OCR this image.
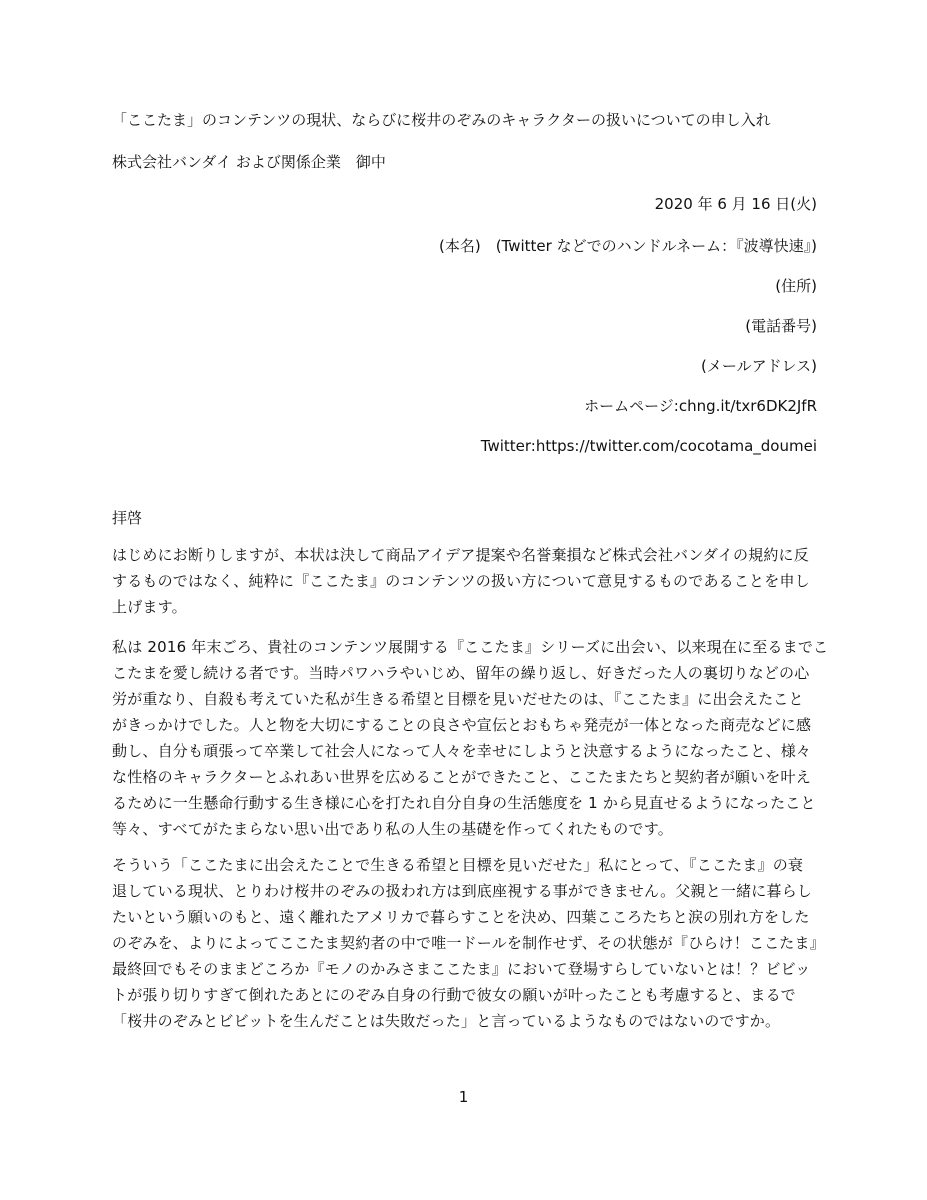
「ここたま」のコンテンツの現状、ならびに桜井のぞみのキャラクターの扱いについての申し入れ
株式会社バンダイ および関係企業　御中
2020 年 6 月 16 日(火)
(本名)　(Twitter などでのハンドルネーム：『波導快速』)
(住所)
(電話番号)
(メールアドレス)
ホームページ:chng.it/txr6DK2JfR
Twitter:https://twitter.com/cocotama_doumei
拝啓
はじめにお断りしますが、本状は決して商品アイデア提案や名誉棄損など株式会社バンダイの規約に反
するものではなく、純粋に『ここたま』のコンテンツの扱い方について意見するものであることを申し
上げます。
私は 2016 年末ごろ、貴社のコンテンツ展開する『ここたま』シリーズに出会い、以来現在に至るまでこ
こたまを愛し続ける者です。当時パワハラやいじめ、留年の繰り返し、好きだった人の裏切りなどの心
労が重なり、自殺も考えていた私が生きる希望と目標を見いだせたのは、『ここたま』に出会えたこと
がきっかけでした。人と物を大切にすることの良さや宣伝とおもちゃ発売が一体となった商売などに感
動し、自分も頑張って卒業して社会人になって人々を幸せにしようと決意するようになったこと、様々
な性格のキャラクターとふれあい世界を広めることができたこと、ここたまたちと契約者が願いを叶え
るために一生懸命行動する生き様に心を打たれ自分自身の生活態度を 1 から見直せるようになったこと
等々、すべてがたまらない思い出であり私の人生の基礎を作ってくれたものです。
そういう「ここたまに出会えたことで生きる希望と目標を見いだせた」私にとって、『ここたま』の衰
退している現状、とりわけ桜井のぞみの扱われ方は到底座視する事ができません。父親と一緒に暮らし
たいという願いのもと、遠く離れたアメリカで暮らすことを決め、四葉こころたちと涙の別れ方をした
のぞみを、よりによってここたま契約者の中で唯一ドールを制作せず、その状態が『ひらけ！ここたま』
最終回でもそのままどころか『モノのかみさまここたま』において登場すらしていないとは！？ビビッ
トが張り切りすぎて倒れたあとにのぞみ自身の行動で彼女の願いが叶ったことも考慮すると、まるで
「桜井のぞみとビビットを生んだことは失敗だった」と言っているようなものではないのですか。
1
